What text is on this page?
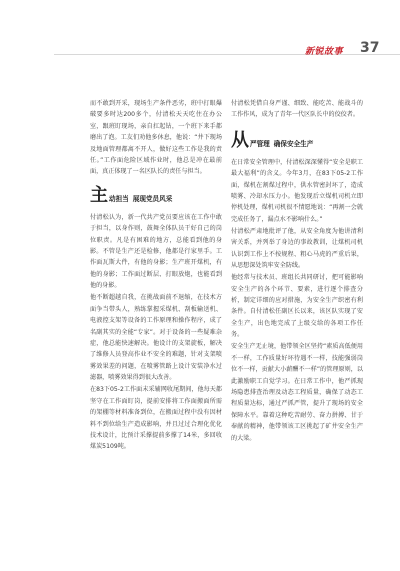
新锐故事 37

而不敢到开采，现场生产条件恶劣，班中打眼爆破要多时达200多个，付清松天天吃住在办公室，跟班盯现场，亲自扛起钻，一个班下来手都磨出了泡。工友们劝他多休息，他说：“井下现场及地面管理都离不开人，做好这些工作是我的责任。”工作面危险区域作业时，他总是冲在最前面，真正体现了一名区队长的责任与担当。

主 动担当 展现党员风采

付清松认为，新一代共产党员要应该在工作中敢于担当，以身作则，鼓舞全体队员干好自己的岗位职责。凡是有困难的地方，总能看到他的身影。不管是生产还是检修，他都是行家里手。工作面瓦斯大件，有他的身影；生产班开煤机，有他的身影；工作面过断层、打眼放炮，也能看到他的身影。

他不断超越自我，在挑战面前不退缩，在技术方面争当带头人，熟练掌握采煤机、刮板输送机、电液控支架等设备的工作原理和操作程序，成了名副其实的全能“专家”。对于设备的一些疑难杂症，他总能快速解决。他设计的支架旋板，解决了维修人员登高作业不安全的难题，针对支架喷雾效果差的问题，在喷雾管路上设计安装净水过滤器，喷雾效果得到很大改善。

在83下05-2工作面末采辅网收尾期间，他每天都坚守在工作面盯岗，提前安排将工作面搬面所需的架棚等材料准备到位，在搬面过程中没有因材料不到位给生产造成影响，并且过过合理化优化技术设计，比预计采撑提前多撑了14米，多回收煤炭5109吨。

付清松凭借自身严谨、细致、能吃苦、能战斗的工作作风，成为了青年一代区队长中的佼佼者。

从 严管理 确保安全生产

在日常安全管理中，付清松深深懂得“安全是职工最大福利”的含义。今年3月，在83下05-2工作面，煤机在割煤过程中，供水管密封坏了，造成喷雾、冷却水压力小。他发现后立煤机司机立即停机处理，煤机司机很不情愿地说：“再割一会就完成任务了，漏点水不影响什么。”

付清松严肃地批评了他，从安全角度为他讲清利害关系，并列举了身边的事故教训，让煤机司机认识到工作上不按规程、粗心马虎的严重后果，从思想深处筑牢安全防线。

他经常与技术员、班组长共同研讨，把可能影响安全生产的各个环节、要素，进行逐个排查分析，制定详细的应对措施，为安全生产织密有利条件。自付清松任副区长以来，该区队实现了安全生产，出色地完成了上级交给的各项工作任务。

安全生产无止境，他带领全区坚持“素质高低便用不一样，工作质量好坏待遇不一样，技能强弱岗位不一样，贡献大小薪酬不一样”的管理原则，以此激励职工自觉学习。在日常工作中，他严抓现场隐患排查治理及动态工程质量，确保了动态工程质量达标，通过严抓严管，提升了现场的安全保障水平。靠着这种吃苦耐劳、奋力拼搏、甘于奉献的精神，他带领该工区挑起了矿井安全生产的大梁。
